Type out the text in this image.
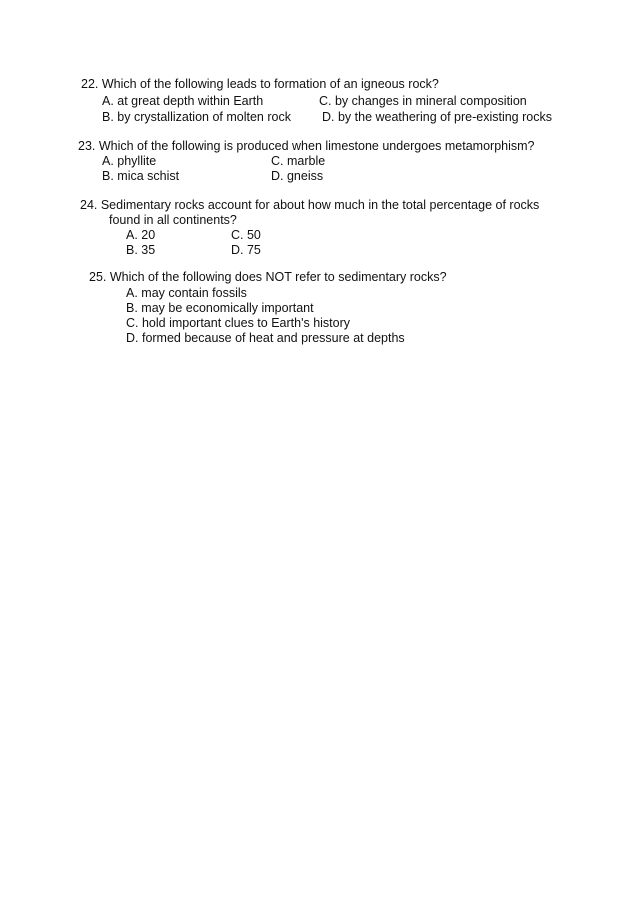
22. Which of the following leads to formation of an igneous rock?
A. at great depth within Earth	C. by changes in mineral composition
B. by crystallization of molten rock D. by the weathering of pre-existing rocks
23. Which of the following is produced when limestone undergoes metamorphism?
A. phyllite	C. marble
B. mica schist	D. gneiss
24. Sedimentary rocks account for about how much in the total percentage of rocks
found in all continents?
A. 20	C. 50
B. 35	D. 75
25. Which of the following does NOT refer to sedimentary rocks?
A. may contain fossils
B. may be economically important
C. hold important clues to Earth's history
D. formed because of heat and pressure at depths
